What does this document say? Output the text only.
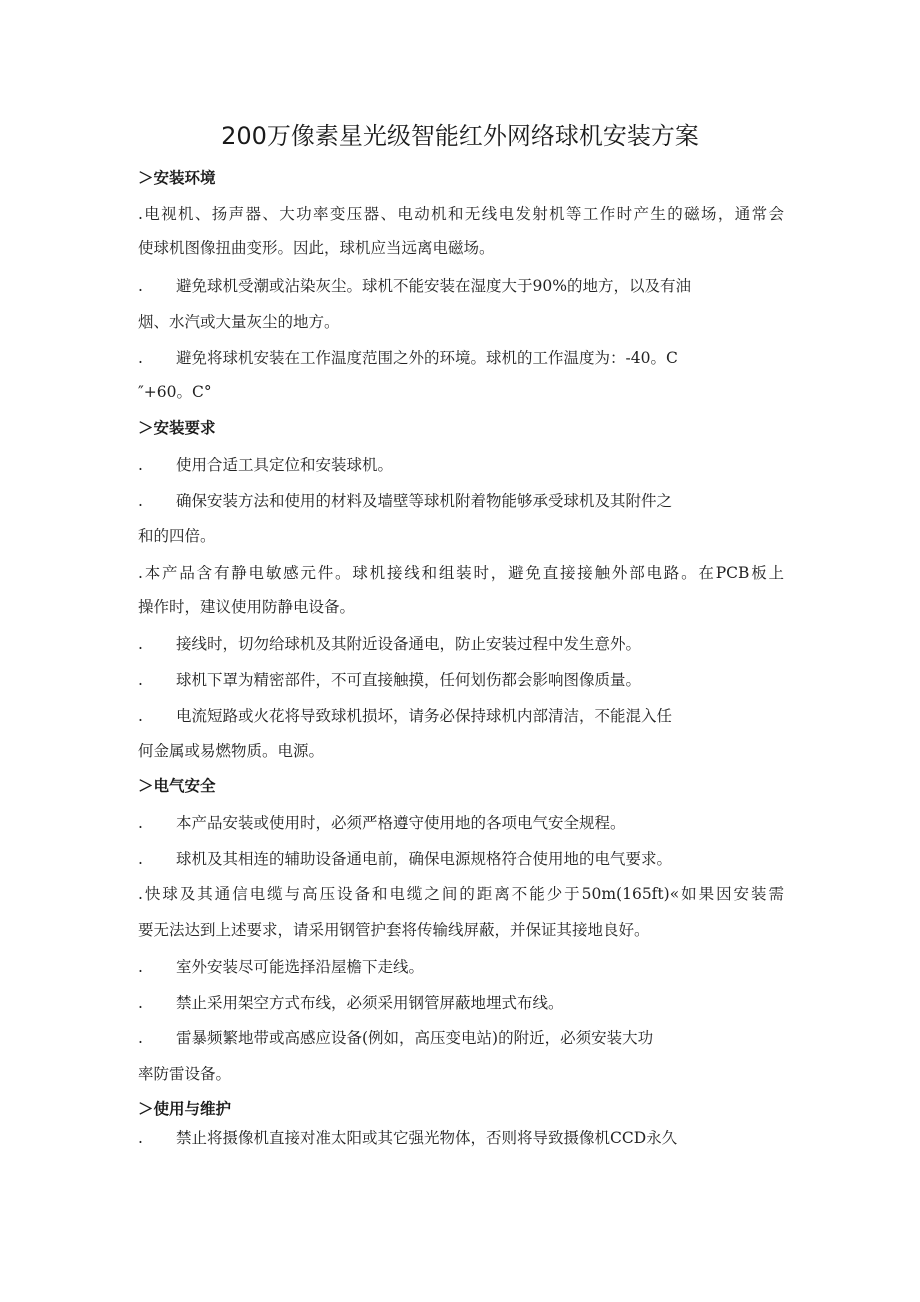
200万像素星光级智能红外网络球机安装方案
＞安装环境
.电视机、扬声器、大功率变压器、电动机和无线电发射机等工作时产生的磁场，通常会
使球机图像扭曲变形。因此，球机应当远离电磁场。
. 避免球机受潮或沾染灰尘。球机不能安装在湿度大于90%的地方，以及有油
烟、水汽或大量灰尘的地方。
. 避免将球机安装在工作温度范围之外的环境。球机的工作温度为：-40。C
″+60。C°
＞安装要求
. 使用合适工具定位和安装球机。
. 确保安装方法和使用的材料及墙壁等球机附着物能够承受球机及其附件之
和的四倍。
.本产品含有静电敏感元件。球机接线和组装时，避免直接接触外部电路。在PCB板上
操作时，建议使用防静电设备。
. 接线时，切勿给球机及其附近设备通电，防止安装过程中发生意外。
. 球机下罩为精密部件，不可直接触摸，任何划伤都会影响图像质量。
. 电流短路或火花将导致球机损坏，请务必保持球机内部清洁，不能混入任
何金属或易燃物质。电源。
＞电气安全
. 本产品安装或使用时，必须严格遵守使用地的各项电气安全规程。
. 球机及其相连的辅助设备通电前，确保电源规格符合使用地的电气要求。
.快球及其通信电缆与高压设备和电缆之间的距离不能少于50m(165ft)«如果因安装需
要无法达到上述要求，请采用钢管护套将传输线屏蔽，并保证其接地良好。
. 室外安装尽可能选择沿屋檐下走线。
. 禁止采用架空方式布线，必须采用钢管屏蔽地埋式布线。
. 雷暴频繁地带或高感应设备(例如，高压变电站)的附近，必须安装大功
率防雷设备。
＞使用与维护
. 禁止将摄像机直接对准太阳或其它强光物体，否则将导致摄像机CCD永久
